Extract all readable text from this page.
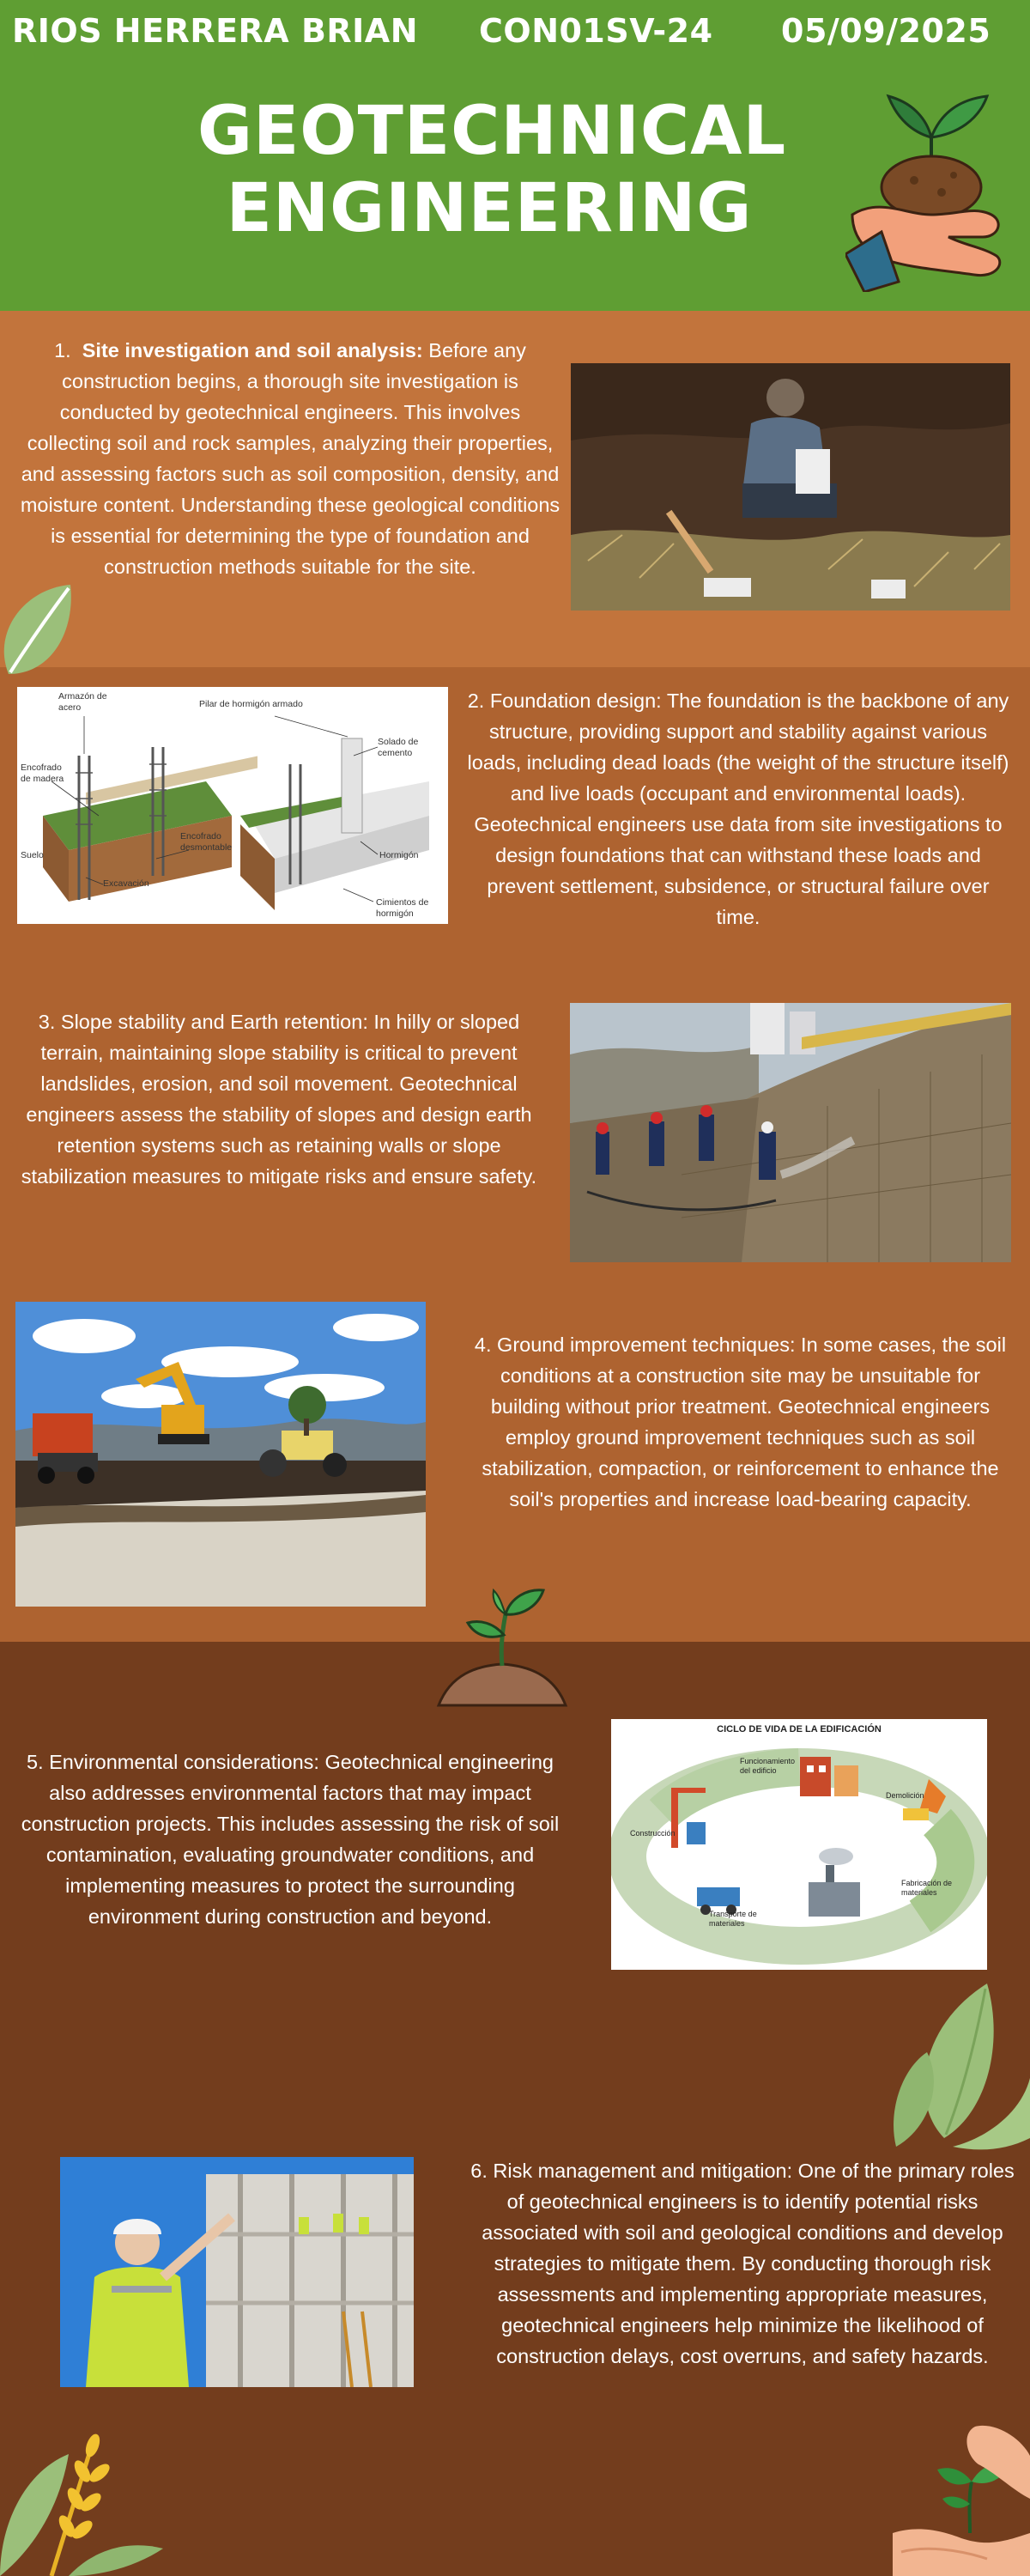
RIOS HERRERA BRIAN CON01SV-24 05/09/2025
GEOTECHNICAL
ENGINEERING

1. Site investigation and soil analysis: Before any construction begins, a thorough site investigation is conducted by geotechnical engineers. This involves collecting soil and rock samples, analyzing their properties, and assessing factors such as soil composition, density, and moisture content. Understanding these geological conditions is essential for determining the type of foundation and construction methods suitable for the site.

Armazón de acero	Pilar de hormigón armado
Solado de cemento
Encofrado de madera
Encofrado desmontable
Suelo
Excavación
Hormigón
Cimientos de hormigón

2. Foundation design: The foundation is the backbone of any structure, providing support and stability against various loads, including dead loads (the weight of the structure itself) and live loads (occupant and environmental loads). Geotechnical engineers use data from site investigations to design foundations that can withstand these loads and prevent settlement, subsidence, or structural failure over time.

3. Slope stability and Earth retention: In hilly or sloped terrain, maintaining slope stability is critical to prevent landslides, erosion, and soil movement. Geotechnical engineers assess the stability of slopes and design earth retention systems such as retaining walls or slope stabilization measures to mitigate risks and ensure safety.

4. Ground improvement techniques: In some cases, the soil conditions at a construction site may be unsuitable for building without prior treatment. Geotechnical engineers employ ground improvement techniques such as soil stabilization, compaction, or reinforcement to enhance the soil's properties and increase load-bearing capacity.

5. Environmental considerations: Geotechnical engineering also addresses environmental factors that may impact construction projects. This includes assessing the risk of soil contamination, evaluating groundwater conditions, and implementing measures to protect the surrounding environment during construction and beyond.

CICLO DE VIDA DE LA EDIFICACIÓN
Funcionamiento del edificio
Demolición
Construcción
Fabricación de materiales
Transporte de materiales

6. Risk management and mitigation: One of the primary roles of geotechnical engineers is to identify potential risks associated with soil and geological conditions and develop strategies to mitigate them. By conducting thorough risk assessments and implementing appropriate measures, geotechnical engineers help minimize the likelihood of construction delays, cost overruns, and safety hazards.
